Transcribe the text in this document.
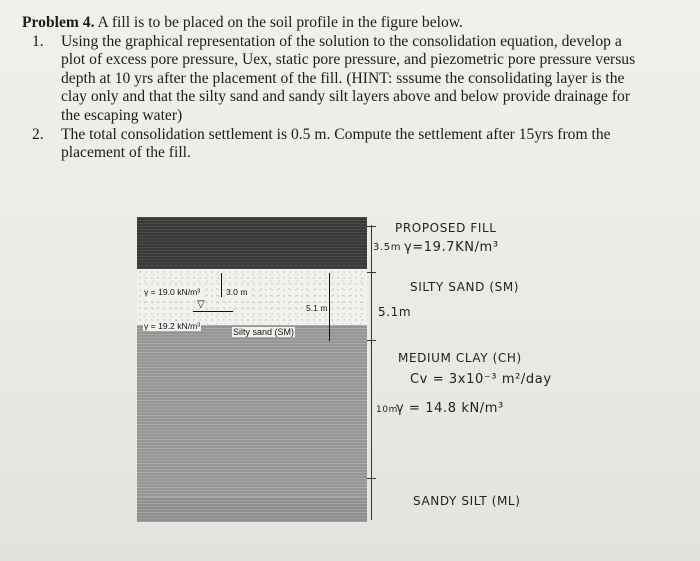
Problem 4. A fill is to be placed on the soil profile in the figure below.
1. Using the graphical representation of the solution to the consolidation equation, develop a
plot of excess pore pressure, Uex, static pore pressure, and piezometric pore pressure versus
depth at 10 yrs after the placement of the fill. (HINT: sssume the consolidating layer is the
clay only and that the silty sand and sandy silt layers above and below provide drainage for
the escaping water)
2. The total consolidation settlement is 0.5 m. Compute the settlement after 15yrs from the
placement of the fill.
γ = 19.0 kN/m³	3.0 m
▽	5.1 m
γ = 19.2 kN/m³
Silty sand (SM)
PROPOSED FILL
3.5m γ=19.7KN/m³
SILTY SAND (SM)
5.1m
MEDIUM CLAY (CH)
Cv = 3x10⁻³ m²/day
10m
γ = 14.8 kN/m³
SANDY SILT (ML)
